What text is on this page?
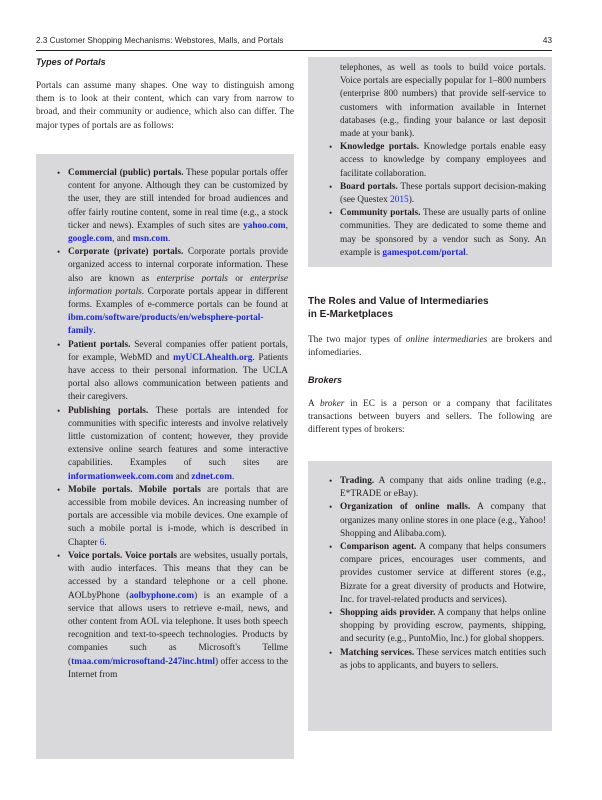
2.3 Customer Shopping Mechanisms: Webstores, Malls, and Portals	43
Types of Portals

Portals can assume many shapes. One way to distinguish among them is to look at their content, which can vary from narrow to broad, and their community or audience, which also can differ. The major types of portals are as follows:

• Commercial (public) portals. These popular portals offer content for anyone. Although they can be customized by the user, they are still intended for broad audiences and offer fairly routine content, some in real time (e.g., a stock ticker and news). Examples of such sites are yahoo.com, google.com, and msn.com.
• Corporate (private) portals. Corporate portals provide organized access to internal corporate information. These also are known as enterprise portals or enterprise information portals. Corporate portals appear in different forms. Examples of e-commerce portals can be found at ibm.com/software/products/en/websphere-portal-family.
• Patient portals. Several companies offer patient portals, for example, WebMD and myUCLAhealth.org. Patients have access to their personal information. The UCLA portal also allows communication between patients and their caregivers.
• Publishing portals. These portals are intended for communities with specific interests and involve relatively little customization of content; however, they provide extensive online search features and some interactive capabilities. Examples of such sites are informationweek.com.com and zdnet.com.
• Mobile portals. Mobile portals are portals that are accessible from mobile devices. An increasing number of portals are accessible via mobile devices. One example of such a mobile portal is i-mode, which is described in Chapter 6.
• Voice portals. Voice portals are websites, usually portals, with audio interfaces. This means that they can be accessed by a standard telephone or a cell phone. AOLbyPhone (aolbyphone.com) is an example of a service that allows users to retrieve e-mail, news, and other content from AOL via telephone. It uses both speech recognition and text-to-speech technologies. Products by companies such as Microsoft's Tellme (tmaa.com/microsoftand-247inc.html) offer access to the Internet from

telephones, as well as tools to build voice portals. Voice portals are especially popular for 1–800 numbers (enterprise 800 numbers) that provide self-service to customers with information available in Internet databases (e.g., finding your balance or last deposit made at your bank).

• Knowledge portals. Knowledge portals enable easy access to knowledge by company employees and facilitate collaboration.
• Board portals. These portals support decision-making (see Questex 2015).
• Community portals. These are usually parts of online communities. They are dedicated to some theme and may be sponsored by a vendor such as Sony. An example is gamespot.com/portal.
The Roles and Value of Intermediaries
in E-Marketplaces

The two major types of online intermediaries are brokers and infomediaries.

Brokers

A broker in EC is a person or a company that facilitates transactions between buyers and sellers. The following are different types of brokers:

• Trading. A company that aids online trading (e.g., E*TRADE or eBay).
• Organization of online malls. A company that organizes many online stores in one place (e.g., Yahoo! Shopping and Alibaba.com).
• Comparison agent. A company that helps consumers compare prices, encourages user comments, and provides customer service at different stores (e.g., Bizrate for a great diversity of products and Hotwire, Inc. for travel-related products and services).
• Shopping aids provider. A company that helps online shopping by providing escrow, payments, shipping, and security (e.g., PuntoMio, Inc.) for global shoppers.
• Matching services. These services match entities such as jobs to applicants, and buyers to sellers.
